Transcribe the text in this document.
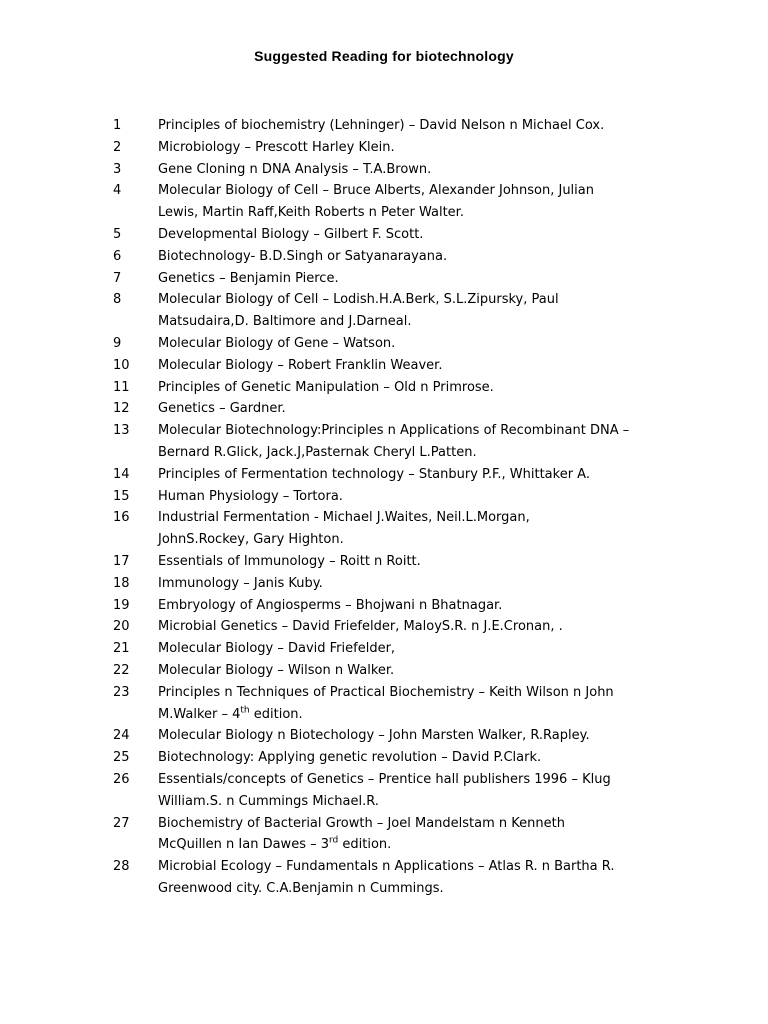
Suggested Reading for biotechnology
1	Principles of biochemistry (Lehninger) – David Nelson n Michael Cox.
2	Microbiology – Prescott Harley Klein.
3	Gene Cloning n DNA Analysis – T.A.Brown.
4	Molecular Biology of Cell – Bruce Alberts, Alexander Johnson, Julian
Lewis, Martin Raff,Keith Roberts n Peter Walter.
5	Developmental Biology – Gilbert F. Scott.
6	Biotechnology- B.D.Singh or Satyanarayana.
7	Genetics – Benjamin Pierce.
8	Molecular Biology of Cell – Lodish.H.A.Berk, S.L.Zipursky, Paul
Matsudaira,D. Baltimore and J.Darneal.
9	Molecular Biology of Gene – Watson.
10	Molecular Biology – Robert Franklin Weaver.
11	Principles of Genetic Manipulation – Old n Primrose.
12	Genetics – Gardner.
13	Molecular Biotechnology:Principles n Applications of Recombinant DNA –
Bernard R.Glick, Jack.J,Pasternak Cheryl L.Patten.
14	Principles of Fermentation technology – Stanbury P.F., Whittaker A.
15	Human Physiology – Tortora.
16	Industrial Fermentation - Michael J.Waites, Neil.L.Morgan,
JohnS.Rockey, Gary Highton.
17	Essentials of Immunology – Roitt n Roitt.
18	Immunology – Janis Kuby.
19	Embryology of Angiosperms – Bhojwani n Bhatnagar.
20	Microbial Genetics – David Friefelder, MaloyS.R. n J.E.Cronan, .
21	Molecular Biology – David Friefelder,
22	Molecular Biology – Wilson n Walker.
23	Principles n Techniques of Practical Biochemistry – Keith Wilson n John
M.Walker – 4th edition.
24	Molecular Biology n Biotechology – John Marsten Walker, R.Rapley.
25	Biotechnology: Applying genetic revolution – David P.Clark.
26	Essentials/concepts of Genetics – Prentice hall publishers 1996 – Klug
William.S. n Cummings Michael.R.
27	Biochemistry of Bacterial Growth – Joel Mandelstam n Kenneth
McQuillen n Ian Dawes – 3rd edition.
28	Microbial Ecology – Fundamentals n Applications – Atlas R. n Bartha R.
Greenwood city. C.A.Benjamin n Cummings.
